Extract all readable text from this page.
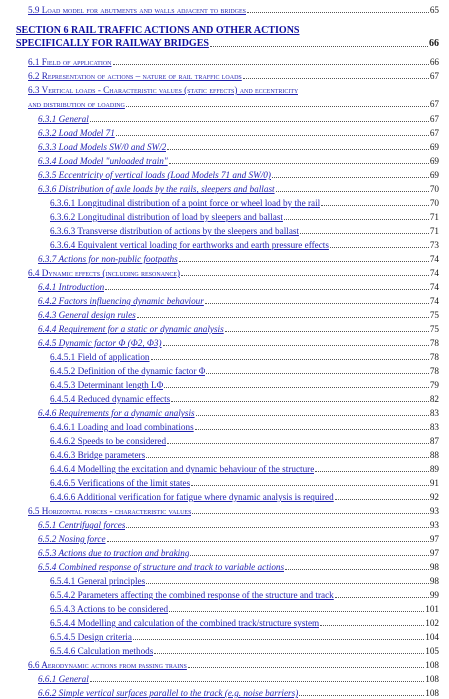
5.9 Load model for abutments and walls adjacent to bridges	65
SECTION 6 RAIL TRAFFIC ACTIONS AND OTHER ACTIONS
SPECIFICALLY FOR RAILWAY BRIDGES	66
6.1 Field of application	66
6.2 Representation of actions – nature of rail traffic loads	67
6.3 Vertical loads - Characteristic values (static effects) and eccentricity
and distribution of loading	67
6.3.1 General	67
6.3.2 Load Model 71	67
6.3.3 Load Models SW/0 and SW/2	69
6.3.4 Load Model "unloaded train"	69
6.3.5 Eccentricity of vertical loads (Load Models 71 and SW/0)	69
6.3.6 Distribution of axle loads by the rails, sleepers and ballast	70
6.3.6.1 Longitudinal distribution of a point force or wheel load by the rail	70
6.3.6.2 Longitudinal distribution of load by sleepers and ballast	71
6.3.6.3 Transverse distribution of actions by the sleepers and ballast	71
6.3.6.4 Equivalent vertical loading for earthworks and earth pressure effects	73
6.3.7 Actions for non-public footpaths	74
6.4 Dynamic effects (including resonance)	74
6.4.1 Introduction	74
6.4.2 Factors influencing dynamic behaviour	74
6.4.3 General design rules	75
6.4.4 Requirement for a static or dynamic analysis	75
6.4.5 Dynamic factor Φ (Φ2, Φ3)	78
6.4.5.1 Field of application	78
6.4.5.2 Definition of the dynamic factor Φ	78
6.4.5.3 Determinant length LΦ	79
6.4.5.4 Reduced dynamic effects	82
6.4.6 Requirements for a dynamic analysis	83
6.4.6.1 Loading and load combinations	83
6.4.6.2 Speeds to be considered	87
6.4.6.3 Bridge parameters	88
6.4.6.4 Modelling the excitation and dynamic behaviour of the structure	89
6.4.6.5 Verifications of the limit states	91
6.4.6.6 Additional verification for fatigue where dynamic analysis is required	92
6.5 Horizontal forces - characteristic values	93
6.5.1 Centrifugal forces	93
6.5.2 Nosing force	97
6.5.3 Actions due to traction and braking	97
6.5.4 Combined response of structure and track to variable actions	98
6.5.4.1 General principles	98
6.5.4.2 Parameters affecting the combined response of the structure and track	99
6.5.4.3 Actions to be considered	101
6.5.4.4 Modelling and calculation of the combined track/structure system	102
6.5.4.5 Design criteria	104
6.5.4.6 Calculation methods	105
6.6 Aerodynamic actions from passing trains	108
6.6.1 General	108
6.6.2 Simple vertical surfaces parallel to the track (e.g. noise barriers)	108
